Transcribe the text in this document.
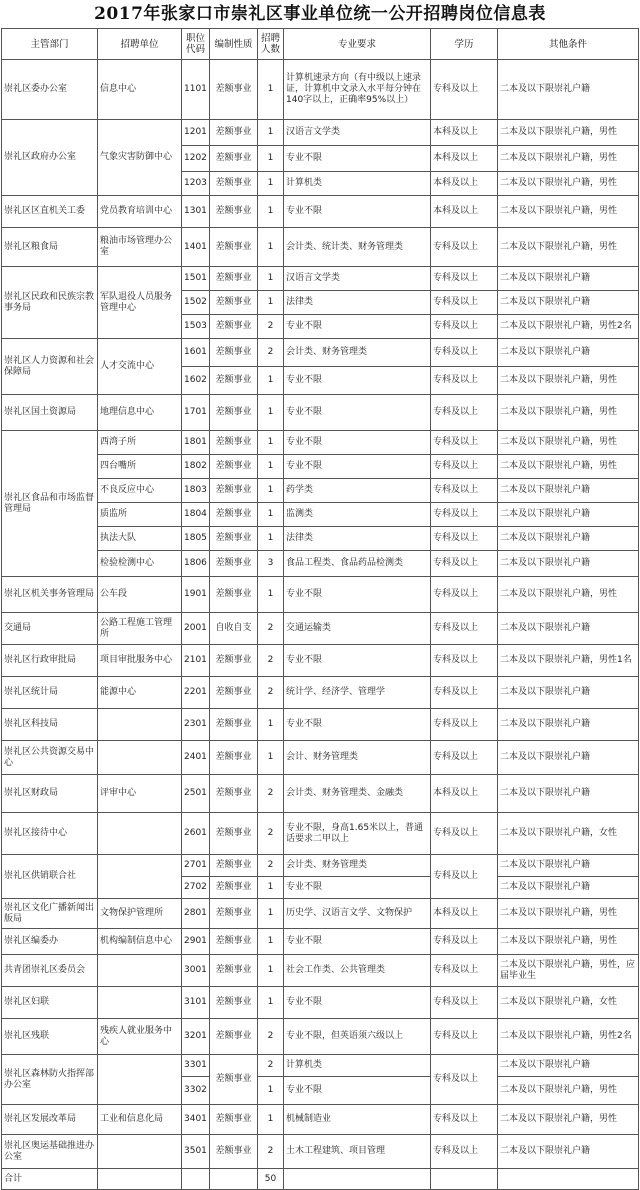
2017年张家口市崇礼区事业单位统一公开招聘岗位信息表
主管部门	招聘单位	职位代码	编制性质	招聘人数	专业要求	学历	其他条件
崇礼区委办公室	信息中心	1101	差额事业	1	计算机速录方向（有中级以上速录证，计算机中文录入水平每分钟在140字以上，正确率95%以上）	专科及以上	二本及以下限崇礼户籍
崇礼区政府办公室	气象灾害防御中心	1201	差额事业	1	汉语言文学类	本科及以上	二本及以下限崇礼户籍，男性
		1202	差额事业	1	专业不限	本科及以上	二本及以下限崇礼户籍，男性
		1203	差额事业	1	计算机类	本科及以上	二本及以下限崇礼户籍，男性
崇礼区区直机关工委	党员教育培训中心	1301	差额事业	1	专业不限	本科及以上	二本及以下限崇礼户籍，男性
崇礼区粮食局	粮油市场管理办公室	1401	差额事业	1	会计类、统计类、财务管理类	专科及以上	二本及以下限崇礼户籍，男性
崇礼区民政和民族宗教事务局	军队退役人员服务管理中心	1501	差额事业	1	汉语言文学类	专科及以上	二本及以下限崇礼户籍
		1502	差额事业	1	法律类	专科及以上	二本及以下限崇礼户籍
		1503	差额事业	2	专业不限	专科及以上	二本及以下限崇礼户籍，男性2名
崇礼区人力资源和社会保障局	人才交流中心	1601	差额事业	2	会计类、财务管理类	专科及以上	二本及以下限崇礼户籍
		1602	差额事业	1	专业不限	专科及以上	二本及以下限崇礼户籍，男性
崇礼区国土资源局	地理信息中心	1701	差额事业	1	专业不限	专科及以上	二本及以下限崇礼户籍，男性
崇礼区食品和市场监督管理局	西湾子所	1801	差额事业	1	专业不限	专科及以上	二本及以下限崇礼户籍，男性
	四台嘴所	1802	差额事业	1	专业不限	专科及以上	二本及以下限崇礼户籍，男性
	不良反应中心	1803	差额事业	1	药学类	专科及以上	二本及以下限崇礼户籍
	质监所	1804	差额事业	1	监测类	专科及以上	二本及以下限崇礼户籍
	执法大队	1805	差额事业	1	法律类	专科及以上	二本及以下限崇礼户籍
	检验检测中心	1806	差额事业	3	食品工程类、食品药品检测类	专科及以上	二本及以下限崇礼户籍
崇礼区机关事务管理局	公车段	1901	差额事业	1	专业不限	专科及以上	二本及以下限崇礼户籍，男性
交通局	公路工程施工管理所	2001	自收自支	2	交通运输类	专科及以上	二本及以下限崇礼户籍
崇礼区行政审批局	项目审批服务中心	2101	差额事业	2	专业不限	专科及以上	二本及以下限崇礼户籍，男性1名
崇礼区统计局	能源中心	2201	差额事业	2	统计学、经济学、管理学	专科及以上	二本及以下限崇礼户籍
崇礼区科技局		2301	差额事业	1	专业不限	专科及以上	二本及以下限崇礼户籍
崇礼区公共资源交易中心		2401	差额事业	1	会计、财务管理类	专科及以上	二本及以下限崇礼户籍
崇礼区财政局	评审中心	2501	差额事业	2	会计类、财务管理类、金融类	本科及以上	二本及以下限崇礼户籍
崇礼区接待中心		2601	差额事业	2	专业不限，身高1.65米以上，普通话要求二甲以上	专科及以上	二本及以下限崇礼户籍，女性
崇礼区供销联合社		2701	差额事业	2	会计类、财务管理类	专科及以上	二本及以下限崇礼户籍
		2702	差额事业	1	专业不限		二本及以下限崇礼户籍
崇礼区文化广播新闻出版局	文物保护管理所	2801	差额事业	1	历史学、汉语言文学、文物保护	本科及以上	二本及以下限崇礼户籍，男性
崇礼区编委办	机构编制信息中心	2901	差额事业	1	专业不限	专科及以上	二本及以下限崇礼户籍，男性
共青团崇礼区委员会		3001	差额事业	1	社会工作类、公共管理类	专科及以上	二本及以下限崇礼户籍，男性，应届毕业生
崇礼区妇联		3101	差额事业	1	专业不限	专科及以上	二本及以下限崇礼户籍，女性
崇礼区残联	残疾人就业服务中心	3201	差额事业	2	专业不限，但英语须六级以上	专科及以上	二本及以下限崇礼户籍，男性2名
崇礼区森林防火指挥部办公室		3301	差额事业	2	计算机类	专科及以上	二本及以下限崇礼户籍
		3302		1	专业不限		二本及以下限崇礼户籍，男性
崇礼区发展改革局	工业和信息化局	3401	差额事业	1	机械制造业	专科及以上	二本及以下限崇礼户籍，男性
崇礼区奥运基础推进办公室		3501	差额事业	2	土木工程建筑、项目管理	专科及以上	二本及以下限崇礼户籍
合计				50			
